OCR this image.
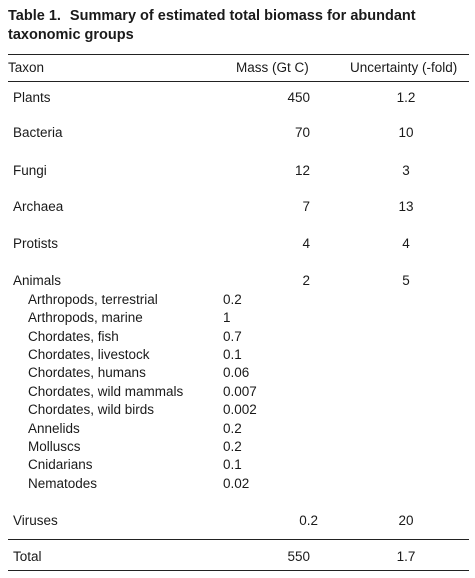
Table 1. Summary of estimated total biomass for abundant taxonomic groups
Taxon	Mass (Gt C)	Uncertainty (-fold)
Plants	450	1.2
Bacteria	70	10
Fungi	12	3
Archaea	7	13
Protists	4	4
Animals	2	5
Arthropods, terrestrial	0.2
Arthropods, marine	1
Chordates, fish	0.7
Chordates, livestock	0.1
Chordates, humans	0.06
Chordates, wild mammals	0.007
Chordates, wild birds	0.002
Annelids	0.2
Molluscs	0.2
Cnidarians	0.1
Nematodes	0.02
Viruses	0.2	20
Total	550	1.7
